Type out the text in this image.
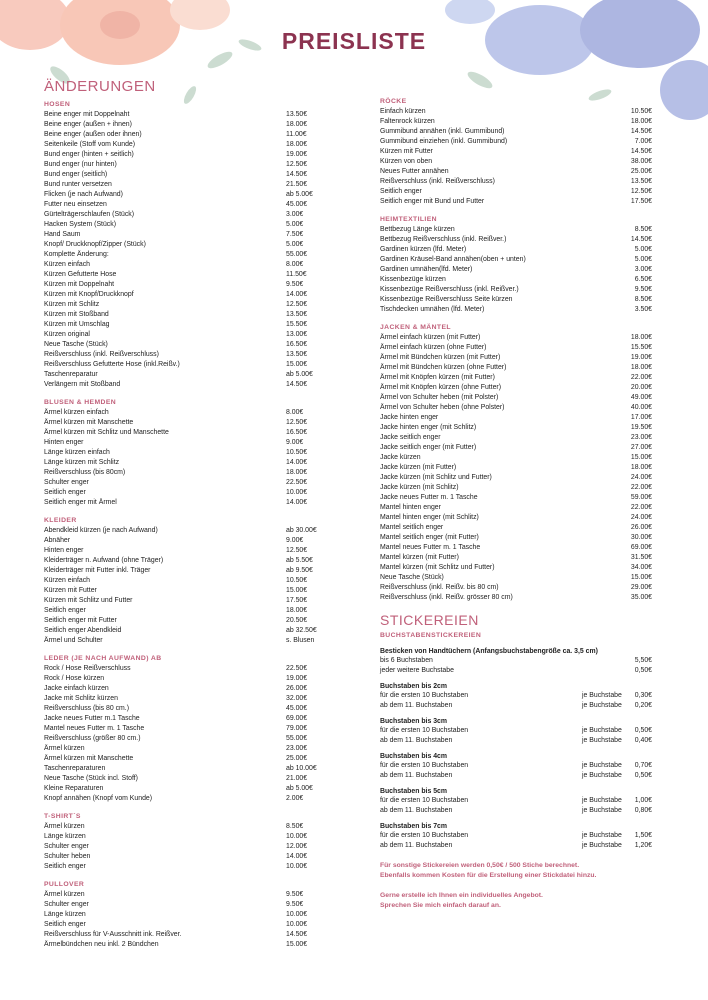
PREISLISTE
ÄNDERUNGEN
HOSEN
Beine enger mit Doppelnaht	13.50€
Beine enger (außen + ihnen)	18.00€
Beine enger (außen oder ihnen)	11.00€
Seitenkeile (Stoff vom Kunde)	18.00€
Bund enger (hinten + seitlich)	19.00€
Bund enger (nur hinten)	12.50€
Bund enger (seitlich)	14.50€
Bund runter versetzen	21.50€
Flicken (je nach Aufwand)	ab 5.00€
Futter neu einsetzen	45.00€
Gürtelträgerschlaufen (Stück)	3.00€
Hacken System (Stück)	5.00€
Hand Saum	7.50€
Knopf/ Druckknopf/Zipper (Stück)	5.00€
Komplette Änderung:	55.00€
Kürzen einfach	8.00€
Kürzen Gefutterte Hose	11.50€
Kürzen mit Doppelnaht	9.50€
Kürzen mit Knopf/Druckknopf	14.00€
Kürzen mit Schlitz	12.50€
Kürzen mit Stoßband	13.50€
Kürzen mit Umschlag	15.50€
Kürzen original	13.00€
Neue Tasche (Stück)	16.50€
Reißverschluss (inkl. Reißverschluss)	13.50€
Reißverschluss Gefutterte Hose (inkl.Reißv.)	15.00€
Taschenreparatur	ab 5.00€
Verlängern mit Stoßband	14.50€
BLUSEN & HEMDEN
Ärmel kürzen einfach	8.00€
Ärmel kürzen mit Manschette	12.50€
Ärmel kürzen mit Schlitz und Manschette	16.50€
Hinten enger	9.00€
Länge kürzen einfach	10.50€
Länge kürzen mit Schlitz	14.00€
Reißverschluss (bis 80cm)	18.00€
Schulter enger	22.50€
Seitlich enger	10.00€
Seitlich enger mit Ärmel	14.00€
KLEIDER
Abendkleid kürzen (je nach Aufwand)	ab 30.00€
Abnäher	9.00€
Hinten enger	12.50€
Kleiderträger n. Aufwand (ohne Träger)	ab 5.50€
Kleiderträger mit Futter inkl. Träger	ab 9.50€
Kürzen einfach	10.50€
Kürzen mit Futter	15.00€
Kürzen mit Schlitz und Futter	17.50€
Seitlich enger	18.00€
Seitlich enger mit Futter	20.50€
Seitlich enger Abendkleid	ab 32.50€
Ärmel und Schulter	s. Blusen
LEDER (JE NACH AUFWAND) AB
Rock / Hose Reißverschluss	22.50€
Rock / Hose kürzen	19.00€
Jacke einfach kürzen	26.00€
Jacke mit Schlitz kürzen	32.00€
Reißverschluss (bis 80 cm.)	45.00€
Jacke neues Futter m.1 Tasche	69.00€
Mantel neues Futter m. 1 Tasche	79.00€
Reißverschluss (größer 80 cm.)	55.00€
Ärmel kürzen	23.00€
Ärmel kürzen mit Manschette	25.00€
Taschenreparaturen	ab 10.00€
Neue Tasche (Stück incl. Stoff)	21.00€
Kleine Reparaturen	ab 5.00€
Knopf annähen (Knopf vom Kunde)	2.00€
T-SHIRT´S
Ärmel kürzen	8.50€
Länge kürzen	10.00€
Schulter enger	12.00€
Schulter heben	14.00€
Seitlich enger	10.00€
PULLOVER
Ärmel kürzen	9.50€
Schulter enger	9.50€
Länge kürzen	10.00€
Seitlich enger	10.00€
Reißverschluss für V-Ausschnitt ink. Reißver.	14.50€
Ärmelbündchen neu inkl. 2 Bündchen	15.00€
RÖCKE
Einfach kürzen	10.50€
Faltenrock kürzen	18.00€
Gummibund annähen (inkl. Gummibund)	14.50€
Gummibund einziehen (inkl. Gummibund)	7.00€
Kürzen mit Futter	14.50€
Kürzen von oben	38.00€
Neues Futter annähen	25.00€
Reißverschluss (inkl. Reißverschluss)	13.50€
Seitlich enger	12.50€
Seitlich enger mit Bund und Futter	17.50€
HEIMTEXTILIEN
Bettbezug Länge kürzen	8.50€
Bettbezug Reißverschluss (inkl. Reißver.)	14.50€
Gardinen kürzen (lfd. Meter)	5.00€
Gardinen Kräusel-Band annähen(oben + unten)	5.00€
Gardinen umnähen(lfd. Meter)	3.00€
Kissenbezüge kürzen	6.50€
Kissenbezüge Reißverschluss (inkl. Reißver.)	9.50€
Kissenbezüge Reißverschluss Seite kürzen	8.50€
Tischdecken umnähen (lfd. Meter)	3.50€
JACKEN & MÄNTEL
Ärmel einfach kürzen (mit Futter)	18.00€
Ärmel einfach kürzen (ohne Futter)	15.50€
Ärmel mit Bündchen kürzen (mit Futter)	19.00€
Ärmel mit Bündchen kürzen (ohne Futter)	18.00€
Ärmel mit Knöpfen kürzen (mit Futter)	22.00€
Ärmel mit Knöpfen kürzen (ohne Futter)	20.00€
Ärmel von Schulter heben (mit Polster)	49.00€
Ärmel von Schulter heben (ohne Polster)	40.00€
Jacke hinten enger	17.00€
Jacke hinten enger (mit Schlitz)	19.50€
Jacke seitlich enger	23.00€
Jacke seitlich enger (mit Futter)	27.00€
Jacke kürzen	15.00€
Jacke kürzen (mit Futter)	18.00€
Jacke kürzen (mit Schlitz und Futter)	24.00€
Jacke kürzen (mit Schlitz)	22.00€
Jacke neues Futter m. 1 Tasche	59.00€
Mantel hinten enger	22.00€
Mantel hinten enger (mit Schlitz)	24.00€
Mantel seitlich enger	26.00€
Mantel seitlich enger (mit Futter)	30.00€
Mantel neues Futter m. 1 Tasche	69.00€
Mantel kürzen (mit Futter)	31.50€
Mantel kürzen (mit Schlitz und Futter)	34.00€
Neue Tasche (Stück)	15.00€
Reißverschluss (inkl. Reißv. bis 80 cm)	29.00€
Reißverschluss (inkl. Reißv. grösser 80 cm)	35.00€
STICKEREIEN
BUCHSTABENSTICKEREIEN
Besticken von Handtüchern (Anfangsbuchstabengröße ca. 3,5 cm)
bis 6 Buchstaben	5,50€
jeder weitere Buchstabe	0,50€
Buchstaben bis 2cm
für die ersten 10 Buchstaben	je Buchstabe	0,30€
ab dem 11. Buchstaben	je Buchstabe	0,20€
Buchstaben bis 3cm
für die ersten 10 Buchstaben	je Buchstabe	0,50€
ab dem 11. Buchstaben	je Buchstabe	0,40€
Buchstaben bis 4cm
für die ersten 10 Buchstaben	je Buchstabe	0,70€
ab dem 11. Buchstaben	je Buchstabe	0,50€
Buchstaben bis 5cm
für die ersten 10 Buchstaben	je Buchstabe	1,00€
ab dem 11. Buchstaben	je Buchstabe	0,80€
Buchstaben bis 7cm
für die ersten 10 Buchstaben	je Buchstabe	1,50€
ab dem 11. Buchstaben	je Buchstabe	1,20€
Für sonstige Stickereien werden 0,50€ / 500 Stiche berechnet.
Ebenfalls kommen Kosten für die Erstellung einer Stickdatei hinzu.
Gerne erstelle ich Ihnen ein individuelles Angebot.
Sprechen Sie mich einfach darauf an.
